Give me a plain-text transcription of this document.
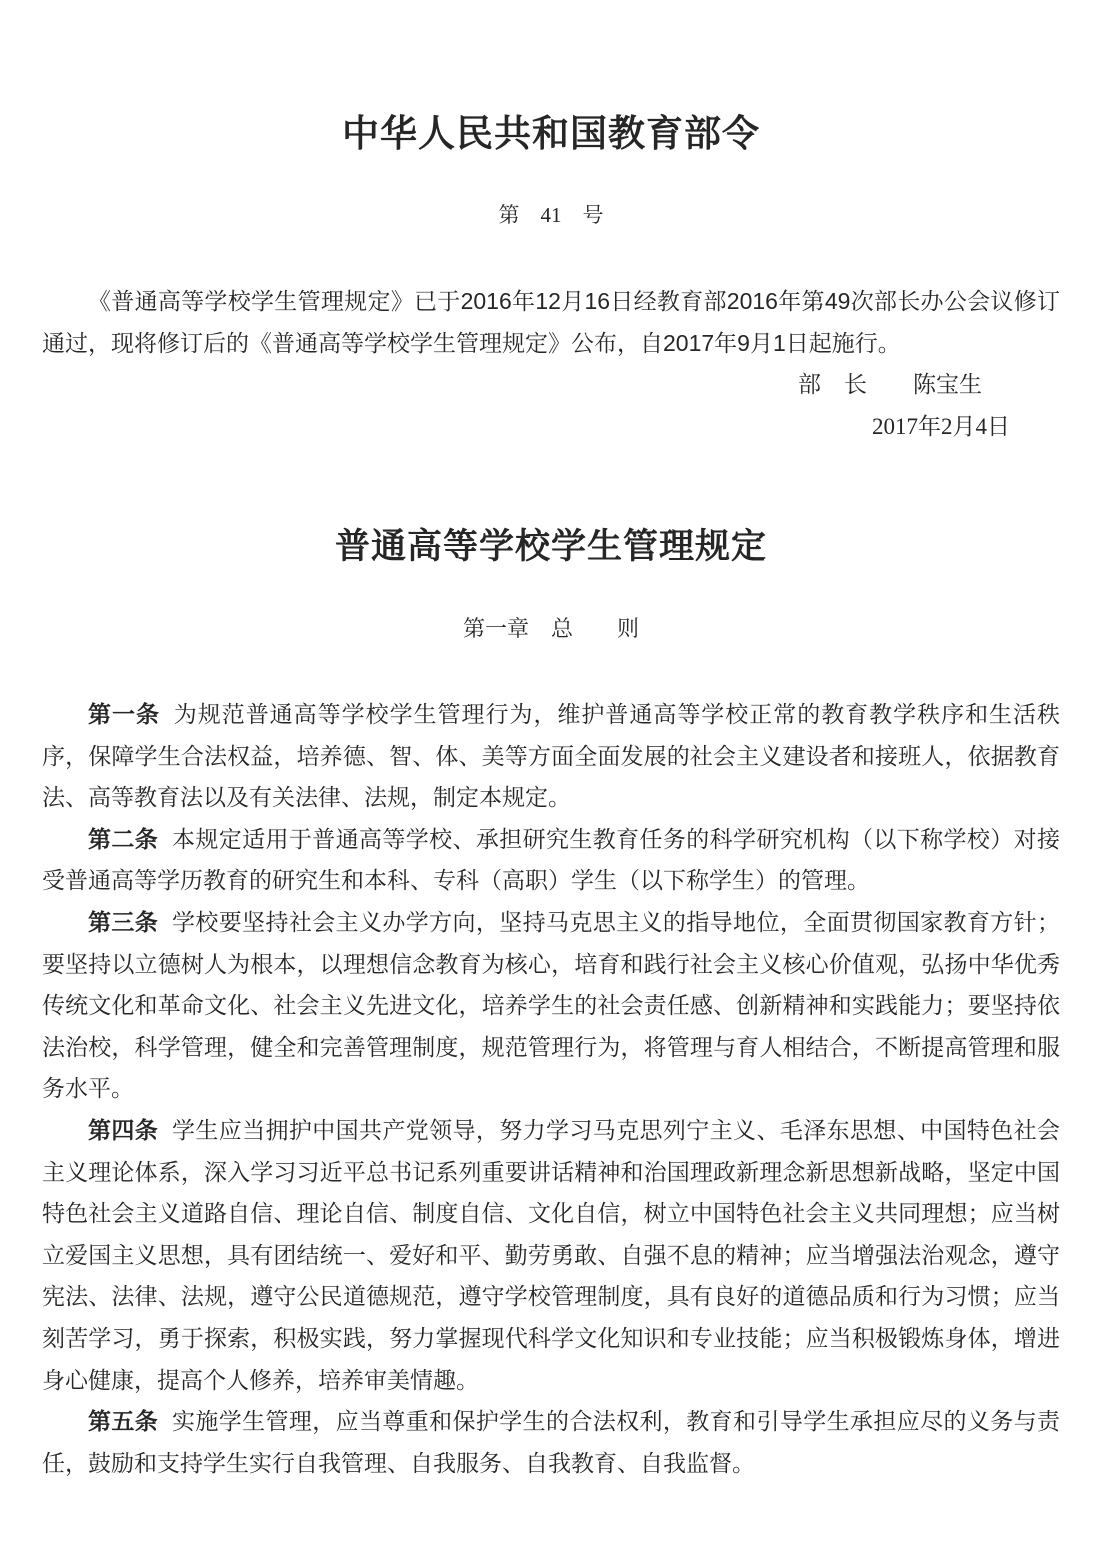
中华人民共和国教育部令
第　41　号

《普通高等学校学生管理规定》已于2016年12月16日经教育部2016年第49次部长办公会议修订通过，现将修订后的《普通高等学校学生管理规定》公布，自2017年9月1日起施行。

部　长　　陈宝生
2017年2月4日
普通高等学校学生管理规定
第一章　总　　则

第一条 为规范普通高等学校学生管理行为，维护普通高等学校正常的教育教学秩序和生活秩序，保障学生合法权益，培养德、智、体、美等方面全面发展的社会主义建设者和接班人，依据教育法、高等教育法以及有关法律、法规，制定本规定。

第二条 本规定适用于普通高等学校、承担研究生教育任务的科学研究机构（以下称学校）对接受普通高等学历教育的研究生和本科、专科（高职）学生（以下称学生）的管理。

第三条 学校要坚持社会主义办学方向，坚持马克思主义的指导地位，全面贯彻国家教育方针；要坚持以立德树人为根本，以理想信念教育为核心，培育和践行社会主义核心价值观，弘扬中华优秀传统文化和革命文化、社会主义先进文化，培养学生的社会责任感、创新精神和实践能力；要坚持依法治校，科学管理，健全和完善管理制度，规范管理行为，将管理与育人相结合，不断提高管理和服务水平。

第四条 学生应当拥护中国共产党领导，努力学习马克思列宁主义、毛泽东思想、中国特色社会主义理论体系，深入学习习近平总书记系列重要讲话精神和治国理政新理念新思想新战略，坚定中国特色社会主义道路自信、理论自信、制度自信、文化自信，树立中国特色社会主义共同理想；应当树立爱国主义思想，具有团结统一、爱好和平、勤劳勇敢、自强不息的精神；应当增强法治观念，遵守宪法、法律、法规，遵守公民道德规范，遵守学校管理制度，具有良好的道德品质和行为习惯；应当刻苦学习，勇于探索，积极实践，努力掌握现代科学文化知识和专业技能；应当积极锻炼身体，增进身心健康，提高个人修养，培养审美情趣。

第五条 实施学生管理，应当尊重和保护学生的合法权利，教育和引导学生承担应尽的义务与责任，鼓励和支持学生实行自我管理、自我服务、自我教育、自我监督。
